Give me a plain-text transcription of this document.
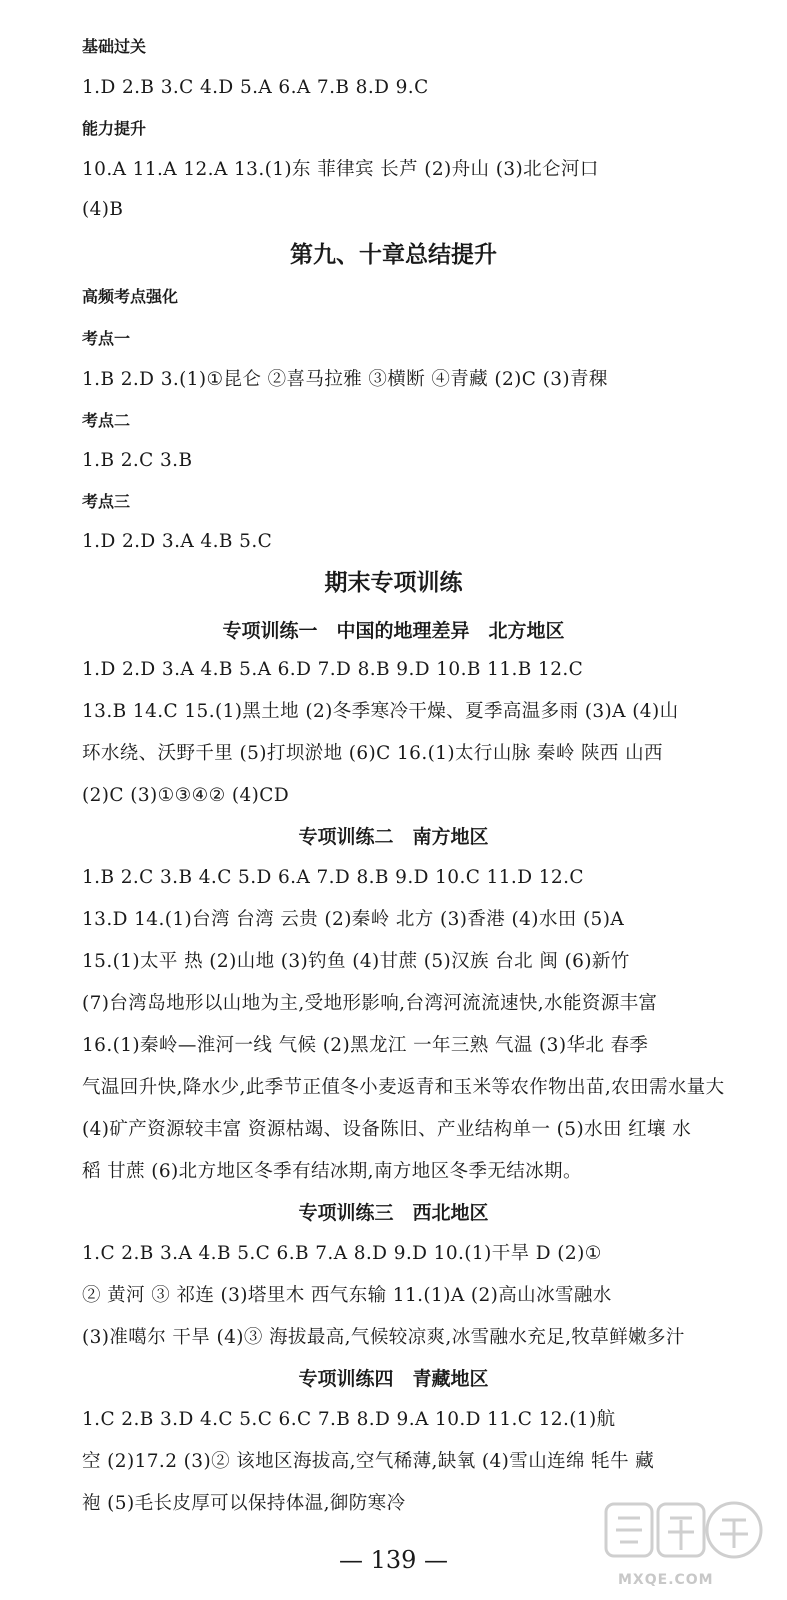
基础过关
1.D 2.B 3.C 4.D 5.A 6.A 7.B 8.D 9.C
能力提升
10.A 11.A 12.A 13.(1)东 菲律宾 长芦 (2)舟山 (3)北仑河口
(4)B
第九、十章总结提升
高频考点强化
考点一
1.B 2.D 3.(1)①昆仑 ②喜马拉雅 ③横断 ④青藏 (2)C (3)青稞
考点二
1.B 2.C 3.B
考点三
1.D 2.D 3.A 4.B 5.C
期末专项训练
专项训练一　中国的地理差异　北方地区
1.D 2.D 3.A 4.B 5.A 6.D 7.D 8.B 9.D 10.B 11.B 12.C
13.B 14.C 15.(1)黑土地 (2)冬季寒冷干燥、夏季高温多雨 (3)A (4)山
环水绕、沃野千里 (5)打坝淤地 (6)C 16.(1)太行山脉 秦岭 陕西 山西
(2)C (3)①③④② (4)CD
专项训练二　南方地区
1.B 2.C 3.B 4.C 5.D 6.A 7.D 8.B 9.D 10.C 11.D 12.C
13.D 14.(1)台湾 台湾 云贵 (2)秦岭 北方 (3)香港 (4)水田 (5)A
15.(1)太平 热 (2)山地 (3)钓鱼 (4)甘蔗 (5)汉族 台北 闽 (6)新竹
(7)台湾岛地形以山地为主,受地形影响,台湾河流流速快,水能资源丰富
16.(1)秦岭—淮河一线 气候 (2)黑龙江 一年三熟 气温 (3)华北 春季
气温回升快,降水少,此季节正值冬小麦返青和玉米等农作物出苗,农田需水量大
(4)矿产资源较丰富 资源枯竭、设备陈旧、产业结构单一 (5)水田 红壤 水
稻 甘蔗 (6)北方地区冬季有结冰期,南方地区冬季无结冰期。
专项训练三　西北地区
1.C 2.B 3.A 4.B 5.C 6.B 7.A 8.D 9.D 10.(1)干旱 D (2)①
② 黄河 ③ 祁连 (3)塔里木 西气东输 11.(1)A (2)高山冰雪融水
(3)准噶尔 干旱 (4)③ 海拔最高,气候较凉爽,冰雪融水充足,牧草鲜嫩多汁
专项训练四　青藏地区
1.C 2.B 3.D 4.C 5.C 6.C 7.B 8.D 9.A 10.D 11.C 12.(1)航
空 (2)17.2 (3)② 该地区海拔高,空气稀薄,缺氧 (4)雪山连绵 牦牛 藏
袍 (5)毛长皮厚可以保持体温,御防寒冷
— 139 —
MXQE.COM
